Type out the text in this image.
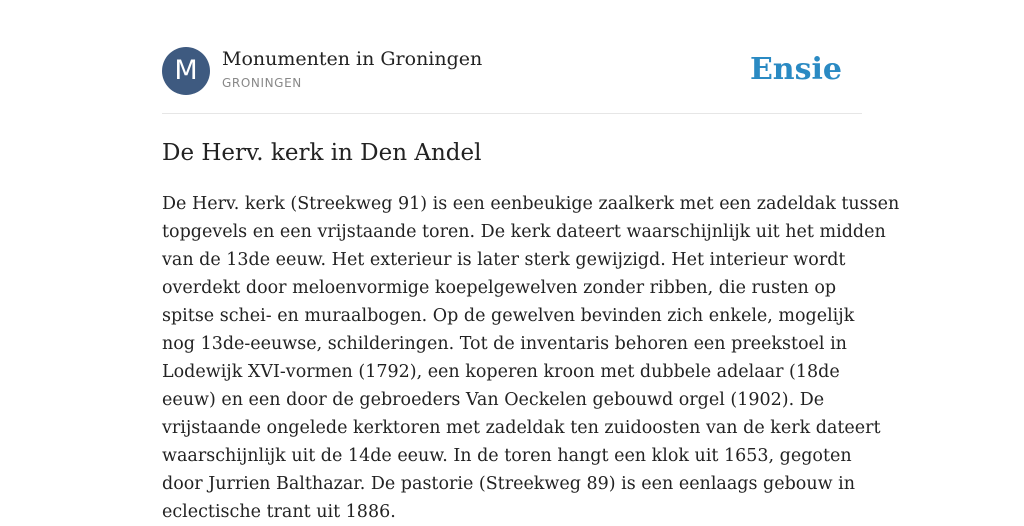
M	Monumenten in Groningen
GRONINGEN	Ensie
De Herv. kerk in Den Andel
De Herv. kerk (Streekweg 91) is een eenbeukige zaalkerk met een zadeldak tussen
topgevels en een vrijstaande toren. De kerk dateert waarschijnlijk uit het midden
van de 13de eeuw. Het exterieur is later sterk gewijzigd. Het interieur wordt
overdekt door meloenvormige koepelgewelven zonder ribben, die rusten op
spitse schei- en muraalbogen. Op de gewelven bevinden zich enkele, mogelijk
nog 13de-eeuwse, schilderingen. Tot de inventaris behoren een preekstoel in
Lodewijk XVI-vormen (1792), een koperen kroon met dubbele adelaar (18de
eeuw) en een door de gebroeders Van Oeckelen gebouwd orgel (1902). De
vrijstaande ongelede kerktoren met zadeldak ten zuidoosten van de kerk dateert
waarschijnlijk uit de 14de eeuw. In de toren hangt een klok uit 1653, gegoten
door Jurrien Balthazar. De pastorie (Streekweg 89) is een eenlaags gebouw in
eclectische trant uit 1886.
